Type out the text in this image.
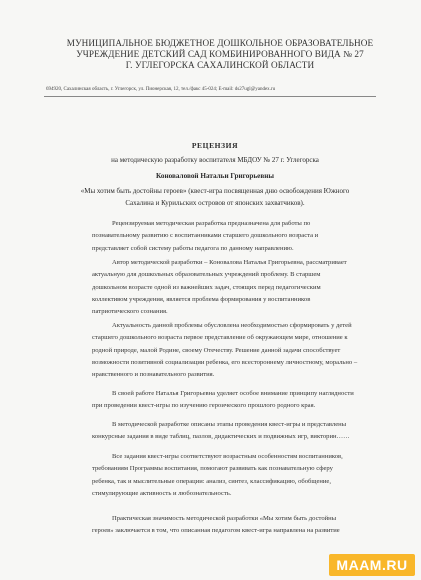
МУНИЦИПАЛЬНОЕ БЮДЖЕТНОЕ ДОШКОЛЬНОЕ ОБРАЗОВАТЕЛЬНОЕ
УЧРЕЖДЕНИЕ ДЕТСКИЙ САД КОМБИНИРОВАННОГО ВИДА № 27
Г. УГЛЕГОРСКА САХАЛИНСКОЙ ОБЛАСТИ
694920, Сахалинская область, г. Углегорск, ул. Пионерская, 12, тел./факс 45-024; E-mail: ds27ugl@yandex.ru
РЕЦЕНЗИЯ
на методическую разработку воспитателя МБДОУ № 27 г. Углегорска
Коноваловой Натальи Григорьевны
«Мы хотим быть достойны героев» (квест-игра посвященная дню освобождения Южного
Сахалина и Курильских островов от японских захватчиков).
Рецензируемая методическая разработка предназначена для работы по
познавательному развитию с воспитанниками старшего дошкольного возраста и
представляет собой систему работы педагога по данному направлению.
Автор методической разработки – Коновалова Наталья Григорьевна, рассматривает
актуальную для дошкольных образовательных учреждений проблему. В старшем
дошкольном возрасте одной из важнейших задач, стоящих перед педагогическим
коллективом учреждения, является проблема формирования у воспитанников
патриотического сознания.
Актуальность данной проблемы обусловлена необходимостью сформировать у детей
старшего дошкольного возраста первое представление об окружающем мире, отношение к
родной природе, малой Родине, своему Отечеству. Решение данной задачи способствует
возможности позитивной социализации ребенка, его всестороннему личностному, морально –
нравственного и познавательного развития.
В своей работе Наталья Григорьевна уделяет особое внимание принципу наглядности
при проведении квест-игры по изучению героического прошлого родного края.
В методической разработке описаны этапы проведения квест-игры и представлены
конкурсные задания в виде таблиц, пазлов, дидактических и подвижных игр, викторин……
Все задания квест-игры соответствуют возрастным особенностям воспитанников,
требованиям Программы воспитания, помогают развивать как познавательную сферу
ребенка, так и мыслительные операции: анализ, синтез, классификацию, обобщение,
стимулирующие активность и любознательность.
Практическая значимость методической разработки «Мы хотим быть достойны
героев» заключается в том, что описанная педагогом квест-игра направлена на развитие
MAAM.RU
